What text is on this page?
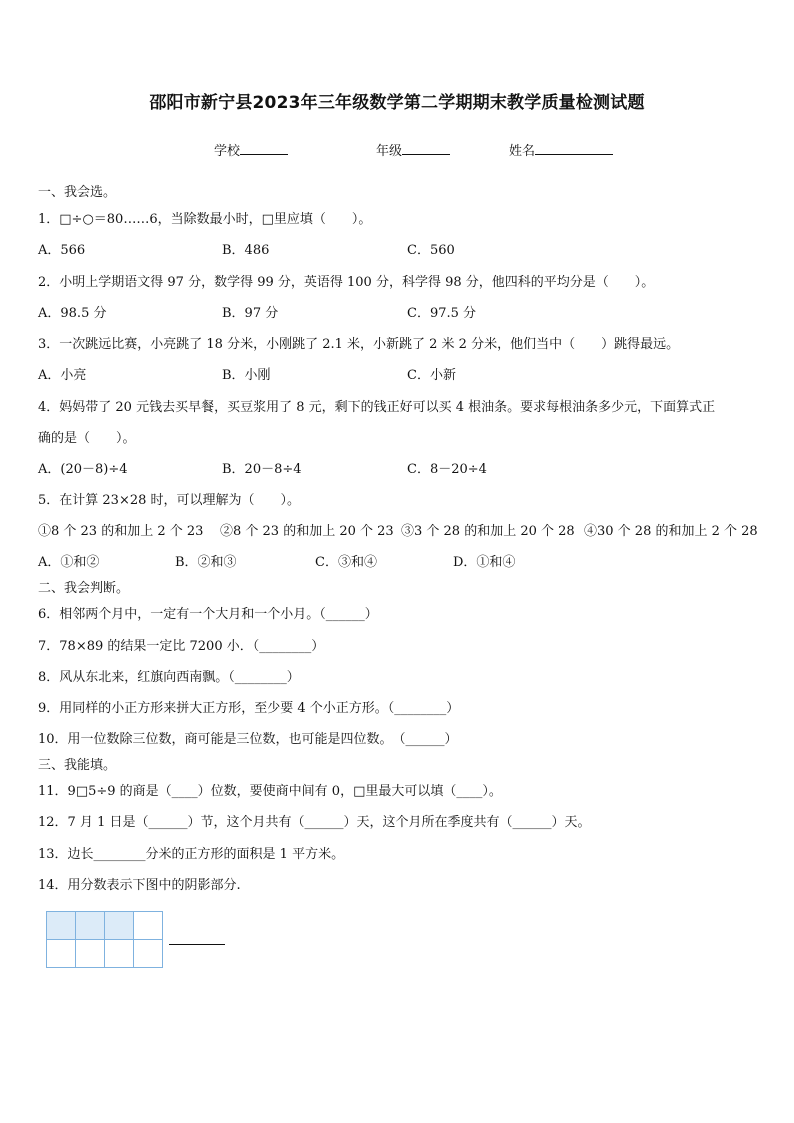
邵阳市新宁县2023年三年级数学第二学期期末教学质量检测试题
学校	年级	姓名
一、我会选。
1．□÷○＝80……6，当除数最小时，□里应填（　　）。
A．566	B．486	C．560
2．小明上学期语文得 97 分，数学得 99 分，英语得 100 分，科学得 98 分，他四科的平均分是（　　）。
A．98.5 分	B．97 分	C．97.5 分
3．一次跳远比赛，小亮跳了 18 分米，小刚跳了 2.1 米，小新跳了 2 米 2 分米，他们当中（　　）跳得最远。
A．小亮	B．小刚	C．小新
4．妈妈带了 20 元钱去买早餐，买豆浆用了 8 元，剩下的钱正好可以买 4 根油条。要求每根油条多少元，下面算式正
确的是（　　）。
A．(20－8)÷4	B．20－8÷4	C．8－20÷4
5．在计算 23×28 时，可以理解为（　　）。
①8 个 23 的和加上 2 个 23 ②8 个 23 的和加上 20 个 23 ③3 个 28 的和加上 20 个 28 ④30 个 28 的和加上 2 个 28
A．①和②	B．②和③	C．③和④	D．①和④
二、我会判断。
6．相邻两个月中，一定有一个大月和一个小月。（______）
7．78×89 的结果一定比 7200 小．（________）
8．风从东北来，红旗向西南飘。（________）
9．用同样的小正方形来拼大正方形，至少要 4 个小正方形。（________）
10．用一位数除三位数，商可能是三位数，也可能是四位数。　（______）
三、我能填。
11．9□5÷9 的商是（____）位数，要使商中间有 0，□里最大可以填（____）。
12．7 月 1 日是（______）节，这个月共有（______）天，这个月所在季度共有（______）天。
13．边长________分米的正方形的面积是 1 平方米。
14．用分数表示下图中的阴影部分.
